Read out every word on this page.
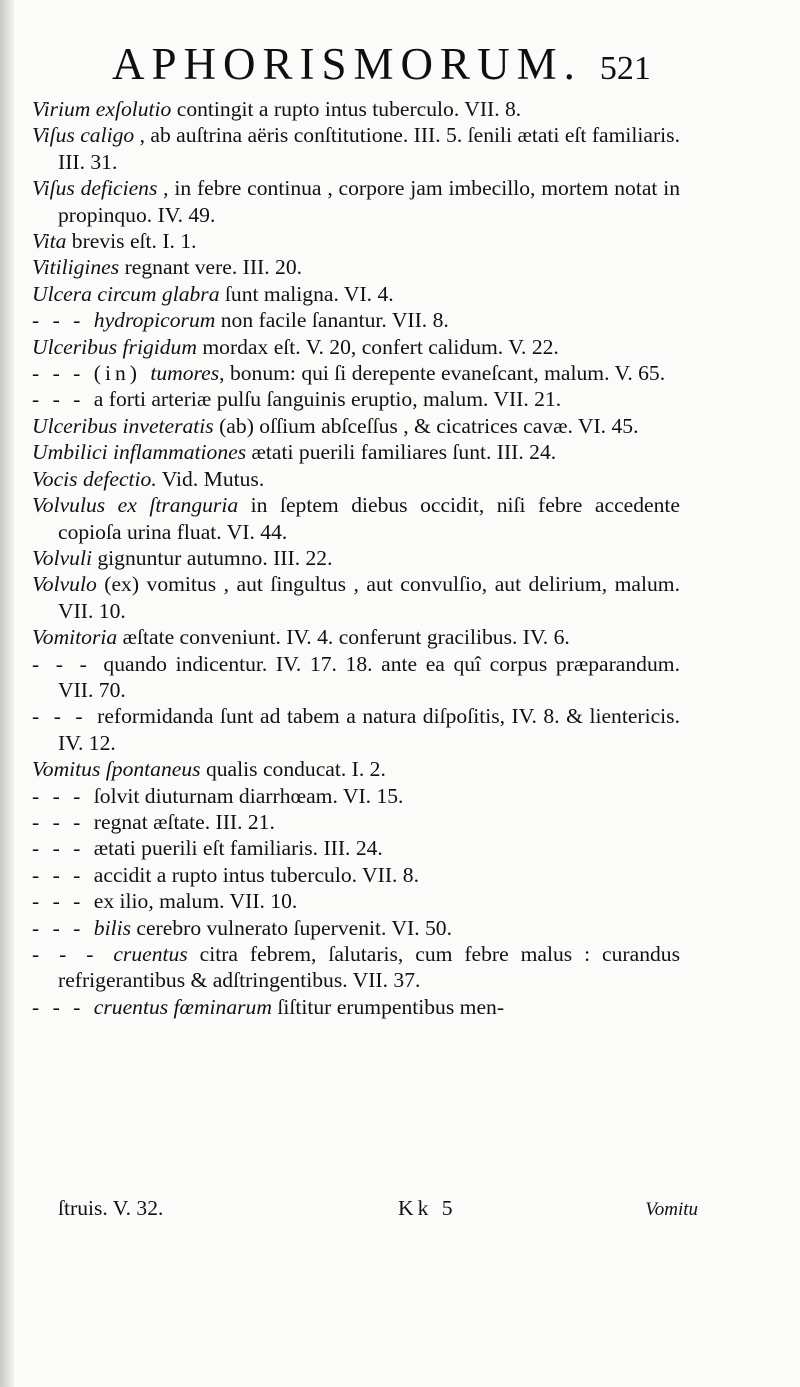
APHORISMORUM. 521
Virium exſolutio contingit a rupto intus tuberculo. VII. 8.
Viſus caligo , ab auſtrina aëris conſtitutione. III. 5. ſenili ætati eſt familiaris. III. 31.
Viſus deficiens , in febre continua , corpore jam imbecillo, mortem notat in propinquo. IV. 49.
Vita brevis eſt. I. 1.
Vitiligines regnant vere. III. 20.
Ulcera circum glabra ſunt maligna. VI. 4.
- - - hydropicorum non facile ſanantur. VII. 8.
Ulceribus frigidum mordax eſt. V. 20, confert calidum. V. 22.
- - - (in) tumores, bonum: qui ſi derepente evaneſcant, malum. V. 65.
- - - a forti arteriæ pulſu ſanguinis eruptio, malum. VII. 21.
Ulceribus inveteratis (ab) oſſium abſceſſus , & cicatrices cavæ. VI. 45.
Umbilici inflammationes ætati puerili familiares ſunt. III. 24.
Vocis defectio. Vid. Mutus.
Volvulus ex ſtranguria in ſeptem diebus occidit, niſi febre accedente copioſa urina fluat. VI. 44.
Volvuli gignuntur autumno. III. 22.
Volvulo (ex) vomitus , aut ſingultus , aut convulſio, aut delirium, malum. VII. 10.
Vomitoria æſtate conveniunt. IV. 4. conferunt gracilibus. IV. 6.
- - - quando indicentur. IV. 17. 18. ante ea quî corpus præparandum. VII. 70.
- - - reformidanda ſunt ad tabem a natura diſpoſitis, IV. 8. & lientericis. IV. 12.
Vomitus ſpontaneus qualis conducat. I. 2.
- - - ſolvit diuturnam diarrhœam. VI. 15.
- - - regnat æſtate. III. 21.
- - - ætati puerili eſt familiaris. III. 24.
- - - accidit a rupto intus tuberculo. VII. 8.
- - - ex ilio, malum. VII. 10.
- - - bilis cerebro vulnerato ſupervenit. VI. 50.
- - - cruentus citra febrem, ſalutaris, cum febre malus : curandus refrigerantibus & adſtringentibus. VII. 37.
- - - cruentus fœminarum ſiſtitur erumpentibus men-
ſtruis. V. 32.	Kk 5	Vomitu
